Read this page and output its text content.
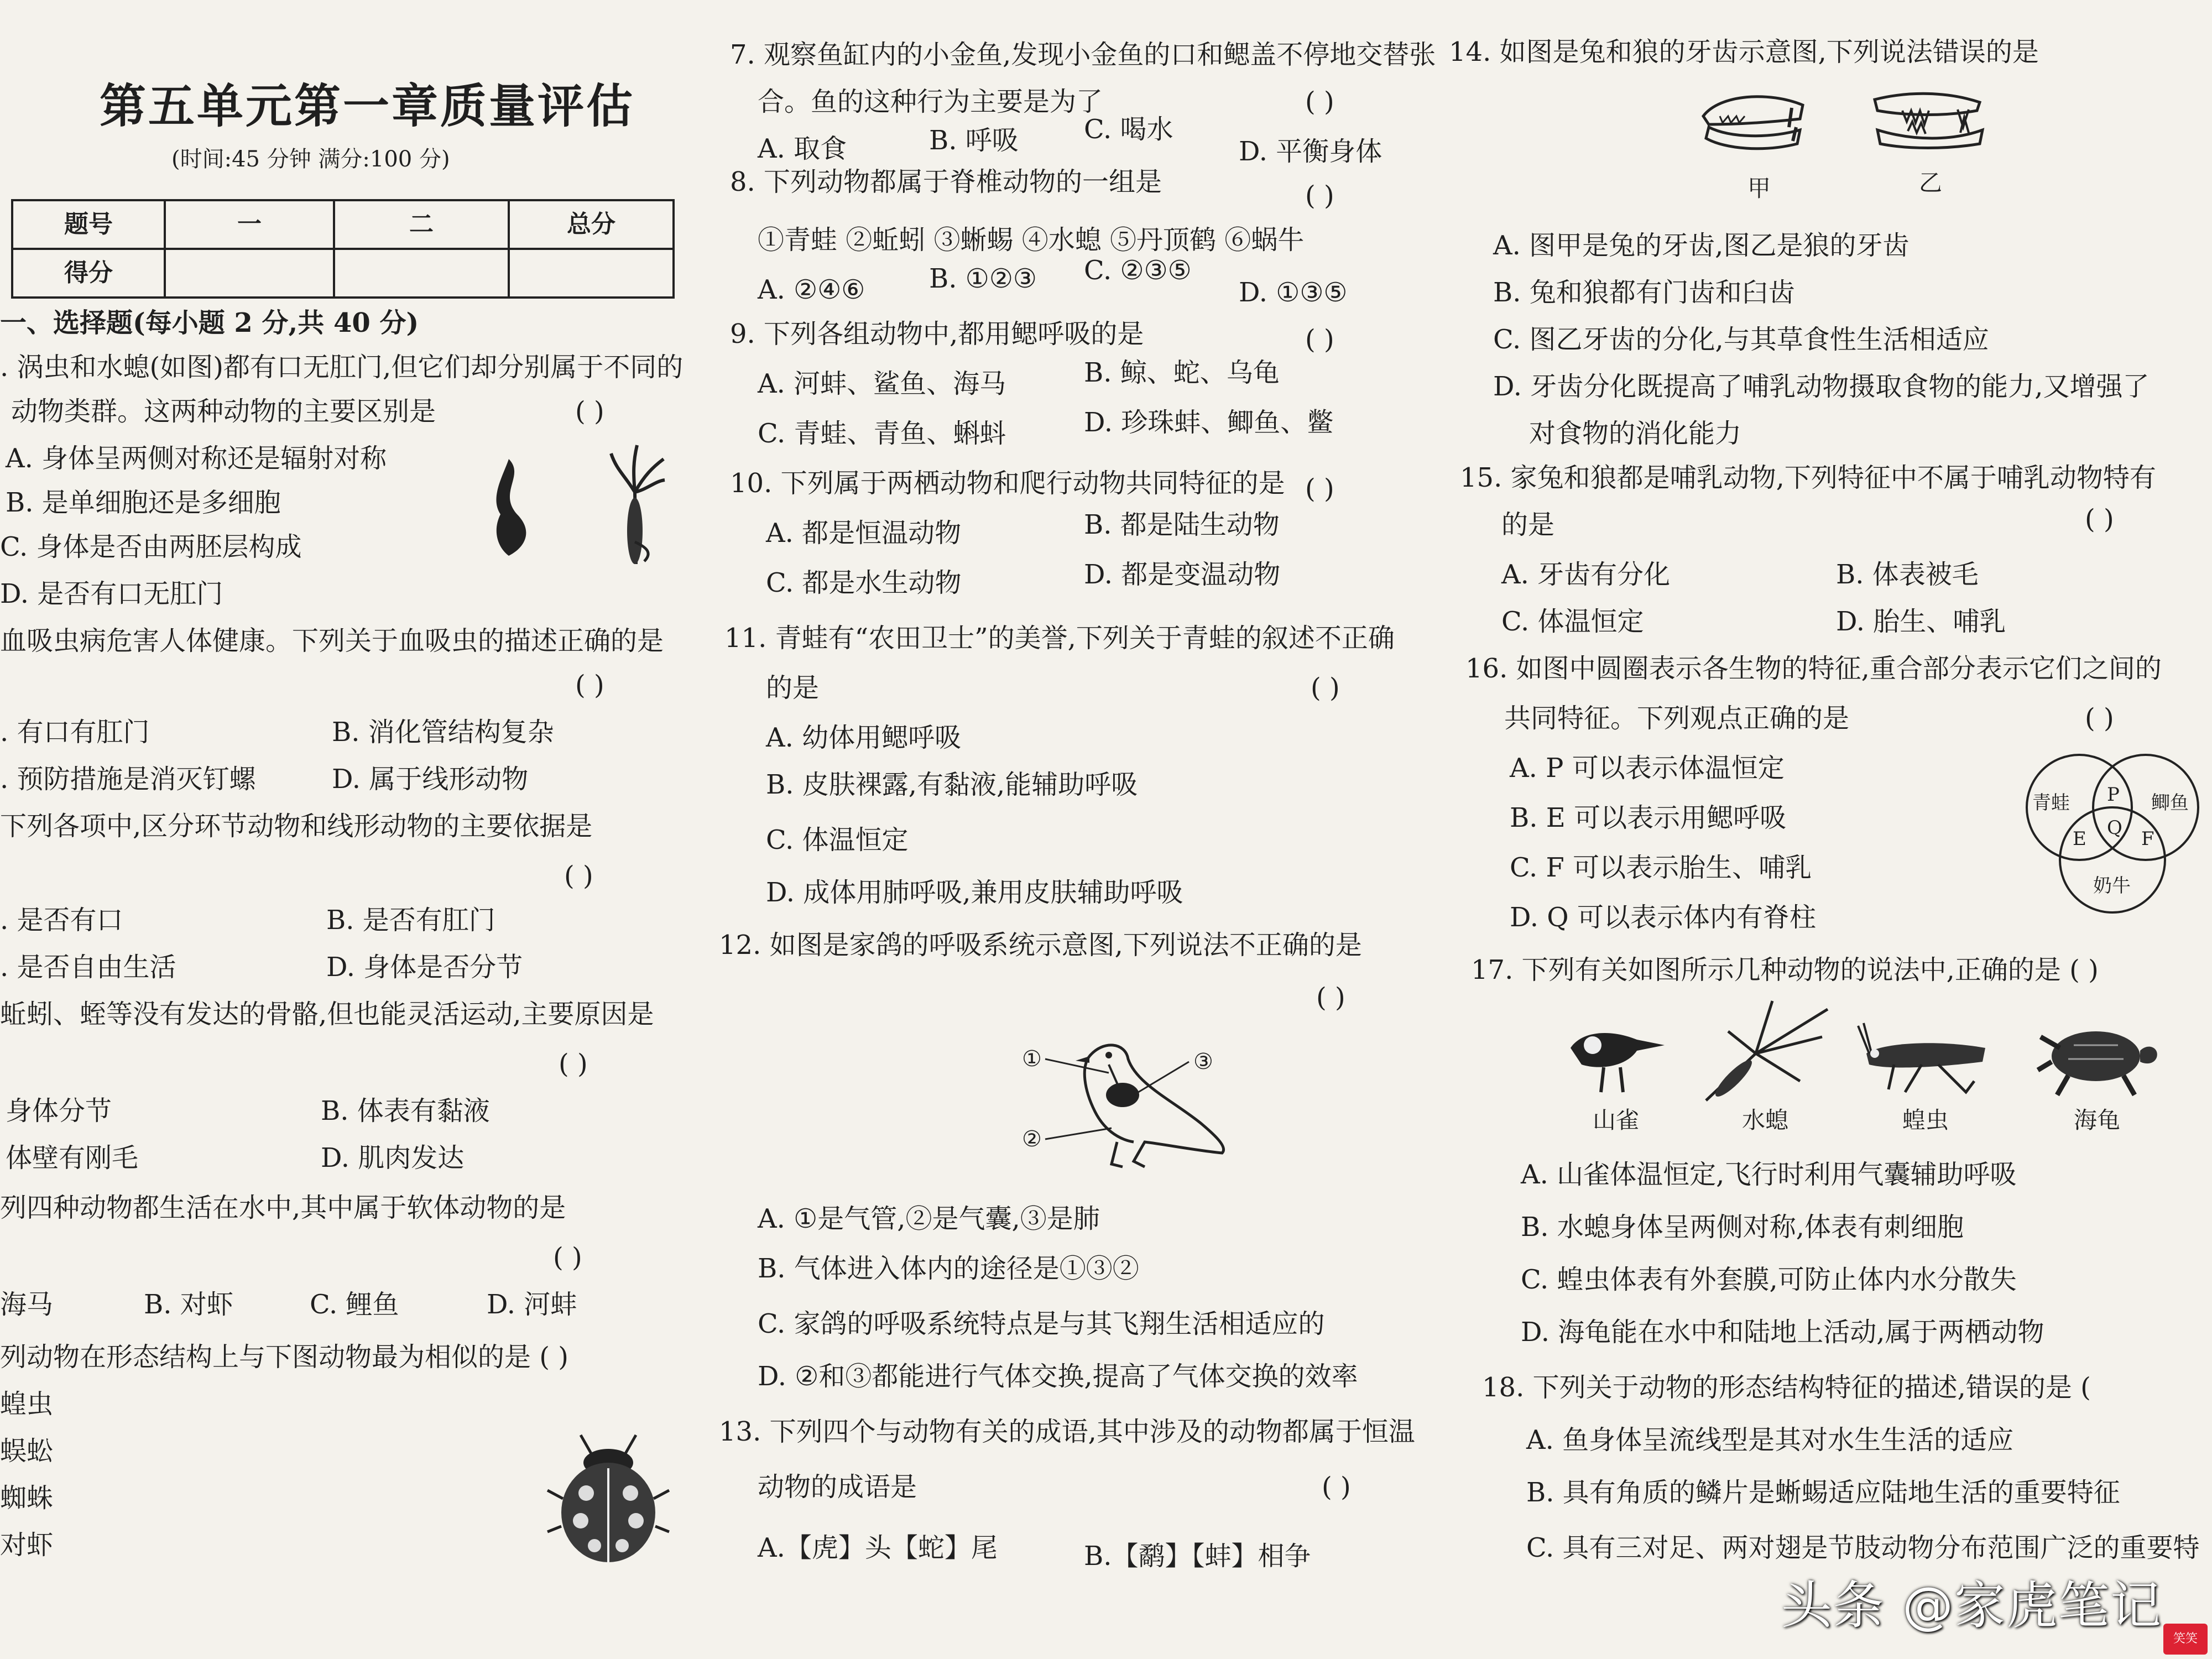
第五单元第一章质量评估
(时间:45 分钟 满分:100 分)
题号	一	二	总分
得分			
一、选择题(每小题 2 分,共 40 分)
. 涡虫和水螅(如图)都有口无肛门,但它们却分别属于不同的
动物类群。这两种动物的主要区别是	( )
A. 身体呈两侧对称还是辐射对称
B. 是单细胞还是多细胞
C. 身体是否由两胚层构成
D. 是否有口无肛门
血吸虫病危害人体健康。下列关于血吸虫的描述正确的是
( )
. 有口有肛门	B. 消化管结构复杂
. 预防措施是消灭钉螺	D. 属于线形动物
下列各项中,区分环节动物和线形动物的主要依据是
( )
. 是否有口	B. 是否有肛门
. 是否自由生活	D. 身体是否分节
蚯蚓、蛭等没有发达的骨骼,但也能灵活运动,主要原因是
( )
身体分节	B. 体表有黏液
体壁有刚毛	D. 肌肉发达
列四种动物都生活在水中,其中属于软体动物的是
( )
海马	B. 对虾	C. 鲤鱼	D. 河蚌
列动物在形态结构上与下图动物最为相似的是 ( )
蝗虫
蜈蚣
蜘蛛
对虾
7. 观察鱼缸内的小金鱼,发现小金鱼的口和鳃盖不停地交替张
合。鱼的这种行为主要是为了	( )
A. 取食	B. 呼吸 C. 喝水
D. 平衡身体
8. 下列动物都属于脊椎动物的一组是	( )
①青蛙 ②蚯蚓 ③蜥蜴 ④水螅 ⑤丹顶鹤 ⑥蜗牛
A. ②④⑥ B. ①②③ C. ②③⑤
D. ①③⑤
9. 下列各组动物中,都用鳃呼吸的是	( )
A. 河蚌、鲨鱼、海马	B. 鲸、蛇、乌龟
C. 青蛙、青鱼、蝌蚪	D. 珍珠蚌、鲫鱼、鳖
10. 下列属于两栖动物和爬行动物共同特征的是 ( )
A. 都是恒温动物	B. 都是陆生动物
C. 都是水生动物	D. 都是变温动物
11. 青蛙有“农田卫士”的美誉,下列关于青蛙的叙述不正确
的是	( )
A. 幼体用鳃呼吸
B. 皮肤裸露,有黏液,能辅助呼吸
C. 体温恒定
D. 成体用肺呼吸,兼用皮肤辅助呼吸
12. 如图是家鸽的呼吸系统示意图,下列说法不正确的是
( )
①
②
③
A. ①是气管,②是气囊,③是肺
B. 气体进入体内的途径是①③②
C. 家鸽的呼吸系统特点是与其飞翔生活相适应的
D. ②和③都能进行气体交换,提高了气体交换的效率
13. 下列四个与动物有关的成语,其中涉及的动物都属于恒温
动物的成语是	( )
A.【虎】头【蛇】尾	B.【鹬】【蚌】相争
14. 如图是兔和狼的牙齿示意图,下列说法错误的是
甲	乙
A. 图甲是兔的牙齿,图乙是狼的牙齿
B. 兔和狼都有门齿和臼齿
C. 图乙牙齿的分化,与其草食性生活相适应
D. 牙齿分化既提高了哺乳动物摄取食物的能力,又增强了
对食物的消化能力
15. 家兔和狼都是哺乳动物,下列特征中不属于哺乳动物特有
的是	( )
A. 牙齿有分化	B. 体表被毛
C. 体温恒定	D. 胎生、哺乳
16. 如图中圆圈表示各生物的特征,重合部分表示它们之间的
共同特征。下列观点正确的是	( )
A. P 可以表示体温恒定
B. E 可以表示用鳃呼吸
C. F 可以表示胎生、哺乳
D. Q 可以表示体内有脊柱
青蛙	鲫鱼
奶牛
P
E Q F
17. 下列有关如图所示几种动物的说法中,正确的是 ( )
山雀	水螅	蝗虫	海龟
A. 山雀体温恒定,飞行时利用气囊辅助呼吸
B. 水螅身体呈两侧对称,体表有刺细胞
C. 蝗虫体表有外套膜,可防止体内水分散失
D. 海龟能在水中和陆地上活动,属于两栖动物
18. 下列关于动物的形态结构特征的描述,错误的是 (
A. 鱼身体呈流线型是其对水生生活的适应
B. 具有角质的鳞片是蜥蜴适应陆地生活的重要特征
C. 具有三对足、两对翅是节肢动物分布范围广泛的重要特
头条 @家虎笔记
笑笑
